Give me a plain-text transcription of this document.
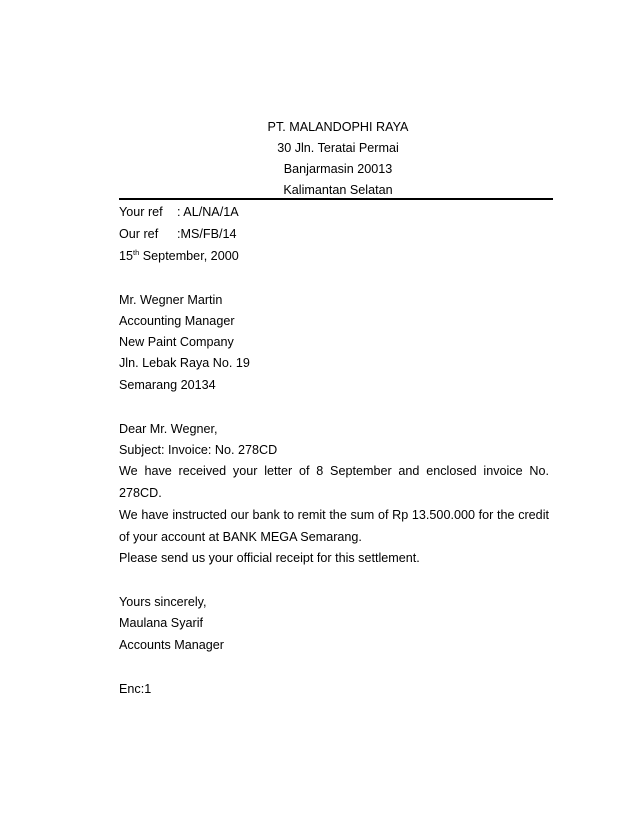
PT. MALANDOPHI RAYA
30 Jln. Teratai Permai
Banjarmasin 20013
Kalimantan Selatan
Your ref : AL/NA/1A
Our ref :MS/FB/14
15th September, 2000
Mr. Wegner Martin
Accounting Manager
New Paint Company
Jln. Lebak Raya No. 19
Semarang 20134
Dear Mr. Wegner,
Subject: Invoice: No. 278CD
We have received your letter of 8 September and enclosed invoice No.
278CD.
We have instructed our bank to remit the sum of Rp 13.500.000 for the credit
of your account at BANK MEGA Semarang.
Please send us your official receipt for this settlement.
Yours sincerely,
Maulana Syarif
Accounts Manager
Enc:1
